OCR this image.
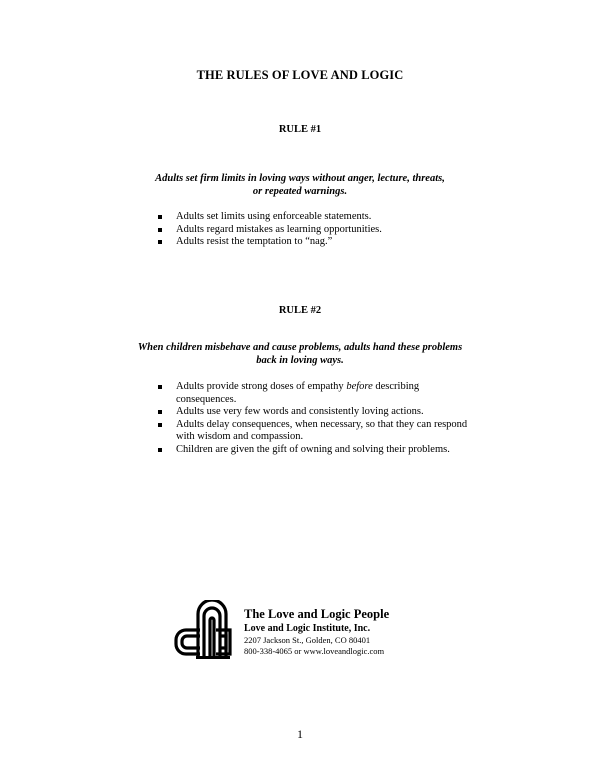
THE RULES OF LOVE AND LOGIC
RULE #1
Adults set firm limits in loving ways without anger, lecture, threats,
or repeated warnings.
Adults set limits using enforceable statements.
Adults regard mistakes as learning opportunities.
Adults resist the temptation to “nag.”
RULE #2
When children misbehave and cause problems, adults hand these problems
back in loving ways.
Adults provide strong doses of empathy before describing
consequences.
Adults use very few words and consistently loving actions.
Adults delay consequences, when necessary, so that they can respond
with wisdom and compassion.
Children are given the gift of owning and solving their problems.
The Love and Logic People
Love and Logic Institute, Inc.
2207 Jackson St., Golden, CO 80401
800-338-4065 or www.loveandlogic.com
1
